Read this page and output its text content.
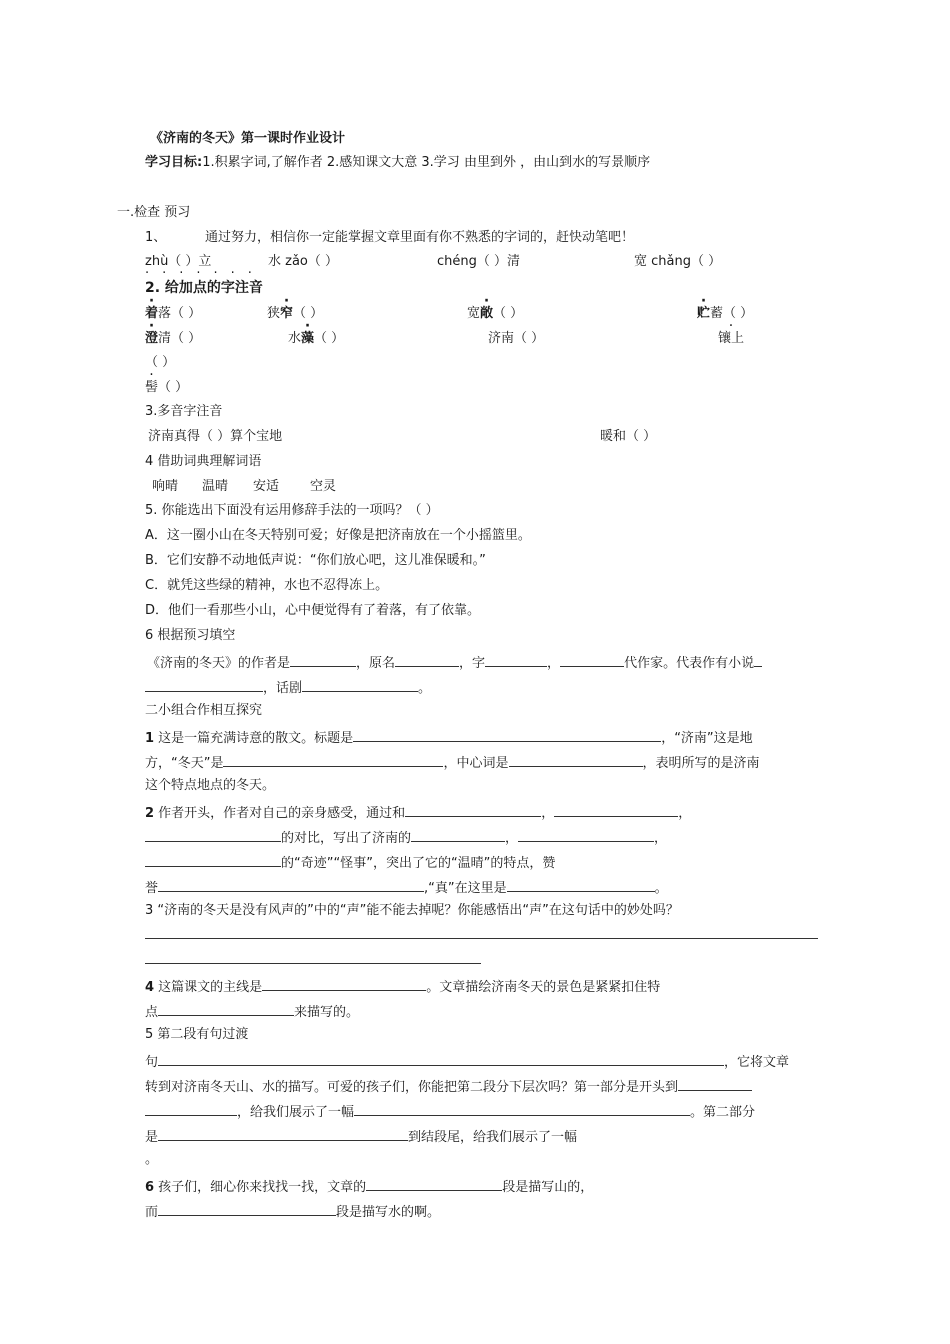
《济南的冬天》第一课时作业设计
学习目标:1.积累字词,了解作者 2.感知课文大意 3.学习 由里到外 ，由山到水的写景顺序
一.检查 预习
1、	通过努力，相信你一定能掌握文章里面有你不熟悉的字词的，赶快动笔吧！
zhù（ ）立	水 zǎo（ ）	chéng（ ）清	宽 chǎng（ ）
·······
2. 给加点的字注音
着落（ ）	狭窄（ ）	宽敞（ ）	贮蓄（ ）
澄清（ ）	水藻（ ）	济南（ ）	镶上
（ ）
髻（ ）
3.多音字注音
济南真得（ ）算个宝地	暖和（ ）
4 借助词典理解词语
响晴 温晴 安适 空灵
5. 你能选出下面没有运用修辞手法的一项吗？（ ）
A．这一圈小山在冬天特别可爱；好像是把济南放在一个小摇篮里。
B．它们安静不动地低声说：“你们放心吧，这儿准保暖和。”
C．就凭这些绿的精神，水也不忍得冻上。
D．他们一看那些小山，心中便觉得有了着落，有了依靠。
6 根据预习填空
《济南的冬天》的作者是	，原名	，字	，	代作家。代表作有小说
，话剧	。
二小组合作相互探究
1 这是一篇充满诗意的散文。标题是	，“济南”这是地
方，“冬天”是	，中心词是	，表明所写的是济南
这个特点地点的冬天。
2 作者开头，作者对自己的亲身感受，通过和	，	，
的对比，写出了济南的	，	，
的“奇迹”“怪事”，突出了它的“温晴”的特点，赞
誉	,“真”在这里是	。
3 “济南的冬天是没有风声的”中的“声”能不能去掉呢？你能感悟出“声”在这句话中的妙处吗？
4 这篇课文的主线是	。文章描绘济南冬天的景色是紧紧扣住特
点	来描写的。
5 第二段有句过渡
句	，它将文章
转到对济南冬天山、水的描写。可爱的孩子们，你能把第二段分下层次吗？第一部分是开头到
，给我们展示了一幅	。第二部分
是	到结段尾，给我们展示了一幅
。
6 孩子们，细心你来找找一找，文章的	段是描写山的，
而	段是描写水的啊。
